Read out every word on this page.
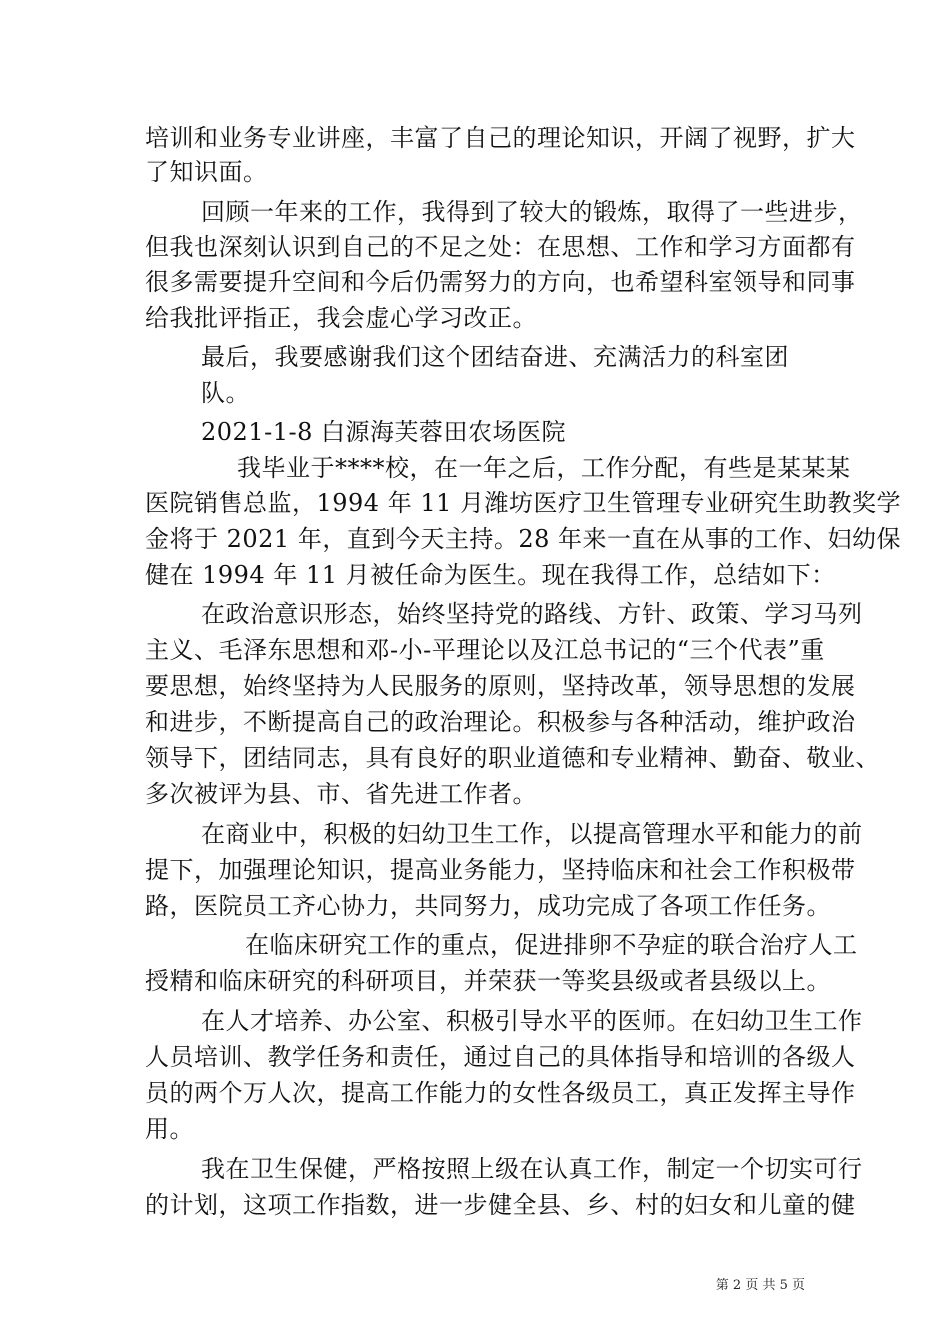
培训和业务专业讲座，丰富了自己的理论知识，开阔了视野，扩大
了知识面。
回顾一年来的工作，我得到了较大的锻炼，取得了一些进步，
但我也深刻认识到自己的不足之处：在思想、工作和学习方面都有
很多需要提升空间和今后仍需努力的方向，也希望科室领导和同事
给我批评指正，我会虚心学习改正。
最后，我要感谢我们这个团结奋进、充满活力的科室团
队。
2021-1-8 白源海芙蓉田农场医院
我毕业于****校，在一年之后，工作分配，有些是某某某
医院销售总监，1994 年 11 月潍坊医疗卫生管理专业研究生助教奖学
金将于 2021 年，直到今天主持。28 年来一直在从事的工作、妇幼保
健在 1994 年 11 月被任命为医生。现在我得工作，总结如下：
在政治意识形态，始终坚持党的路线、方针、政策、学习马列
主义、毛泽东思想和邓-小-平理论以及江总书记的“三个代表”重
要思想，始终坚持为人民服务的原则，坚持改革，领导思想的发展
和进步，不断提高自己的政治理论。积极参与各种活动，维护政治
领导下，团结同志，具有良好的职业道德和专业精神、勤奋、敬业、
多次被评为县、市、省先进工作者。
在商业中，积极的妇幼卫生工作，以提高管理水平和能力的前
提下，加强理论知识，提高业务能力，坚持临床和社会工作积极带
路，医院员工齐心协力，共同努力，成功完成了各项工作任务。
在临床研究工作的重点，促进排卵不孕症的联合治疗人工
授精和临床研究的科研项目，并荣获一等奖县级或者县级以上。
在人才培养、办公室、积极引导水平的医师。在妇幼卫生工作
人员培训、教学任务和责任，通过自己的具体指导和培训的各级人
员的两个万人次，提高工作能力的女性各级员工，真正发挥主导作
用。
我在卫生保健，严格按照上级在认真工作，制定一个切实可行
的计划，这项工作指数，进一步健全县、乡、村的妇女和儿童的健
第 2 页 共 5 页
